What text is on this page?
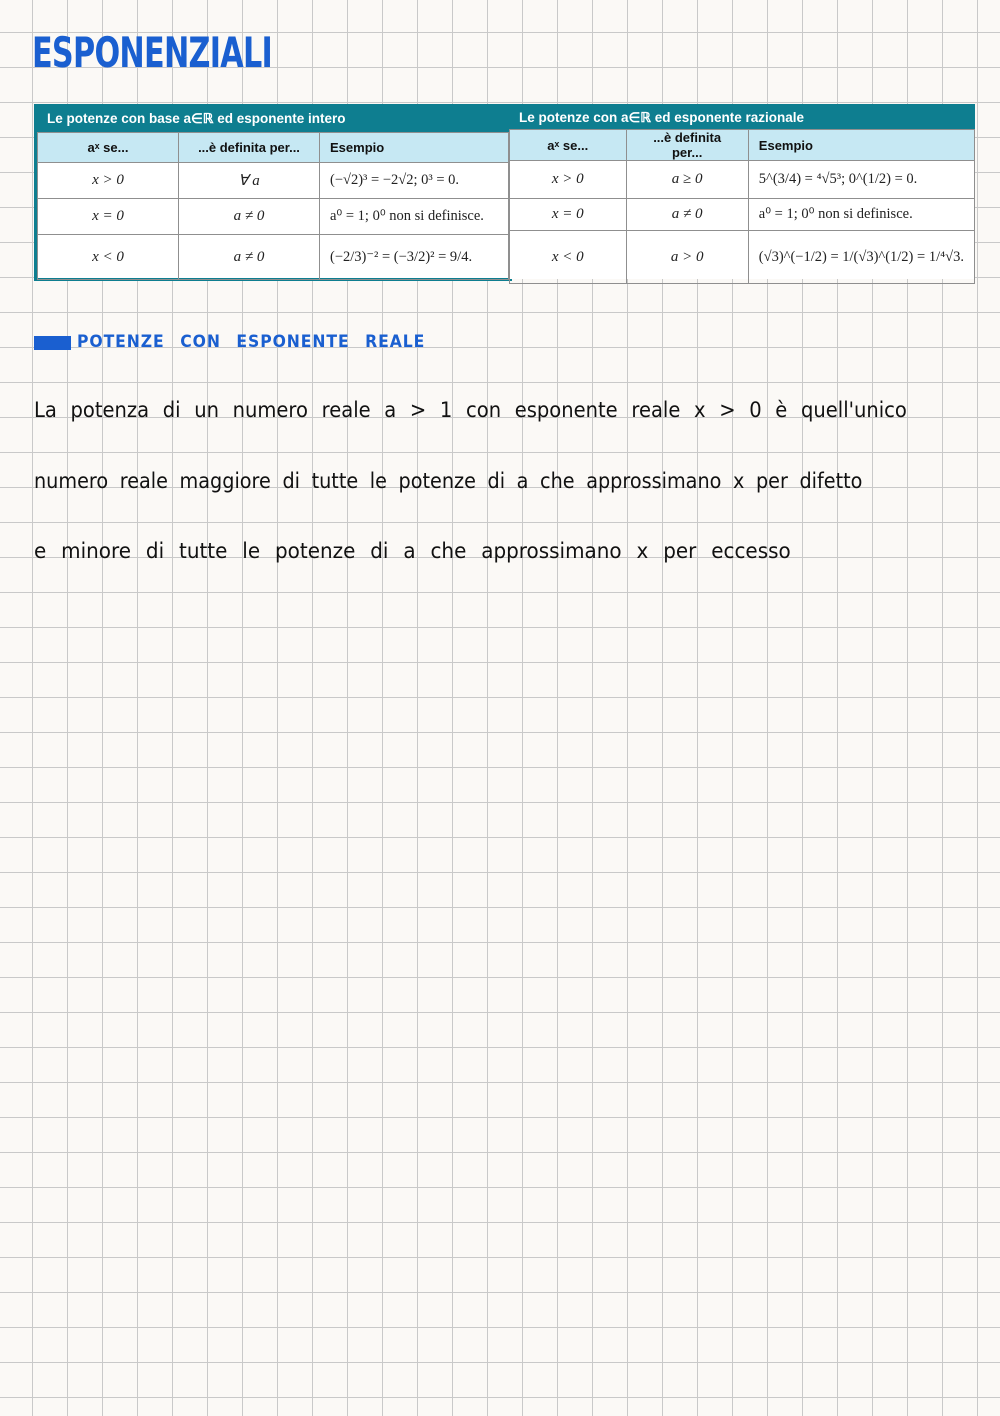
ESPONENZIALI
Le potenze con base a∈ℝ ed esponente intero
aˣ se...	...è definita per...	Esempio
x > 0	∀ a	(−√2)³ = −2√2; 0³ = 0.
x = 0	a ≠ 0	a⁰ = 1; 0⁰ non si definisce.
x < 0	a ≠ 0	(−2/3)⁻² = (−3/2)² = 9/4.
Le potenze con a∈ℝ ed esponente razionale
aˣ se...	...è definita per...	Esempio
x > 0	a ≥ 0	5^(3/4) = ⁴√5³; 0^(1/2) = 0.
x = 0	a ≠ 0	a⁰ = 1; 0⁰ non si definisce.
x < 0	a > 0	(√3)^(−1/2) = 1/(√3)^(1/2) = 1/⁴√3.
POTENZE CON ESPONENTE REALE

La potenza di un numero reale a > 1 con esponente reale x > 0 è quell'unico

numero reale maggiore di tutte le potenze di a che approssimano x per difetto

e minore di tutte le potenze di a che approssimano x per eccesso
